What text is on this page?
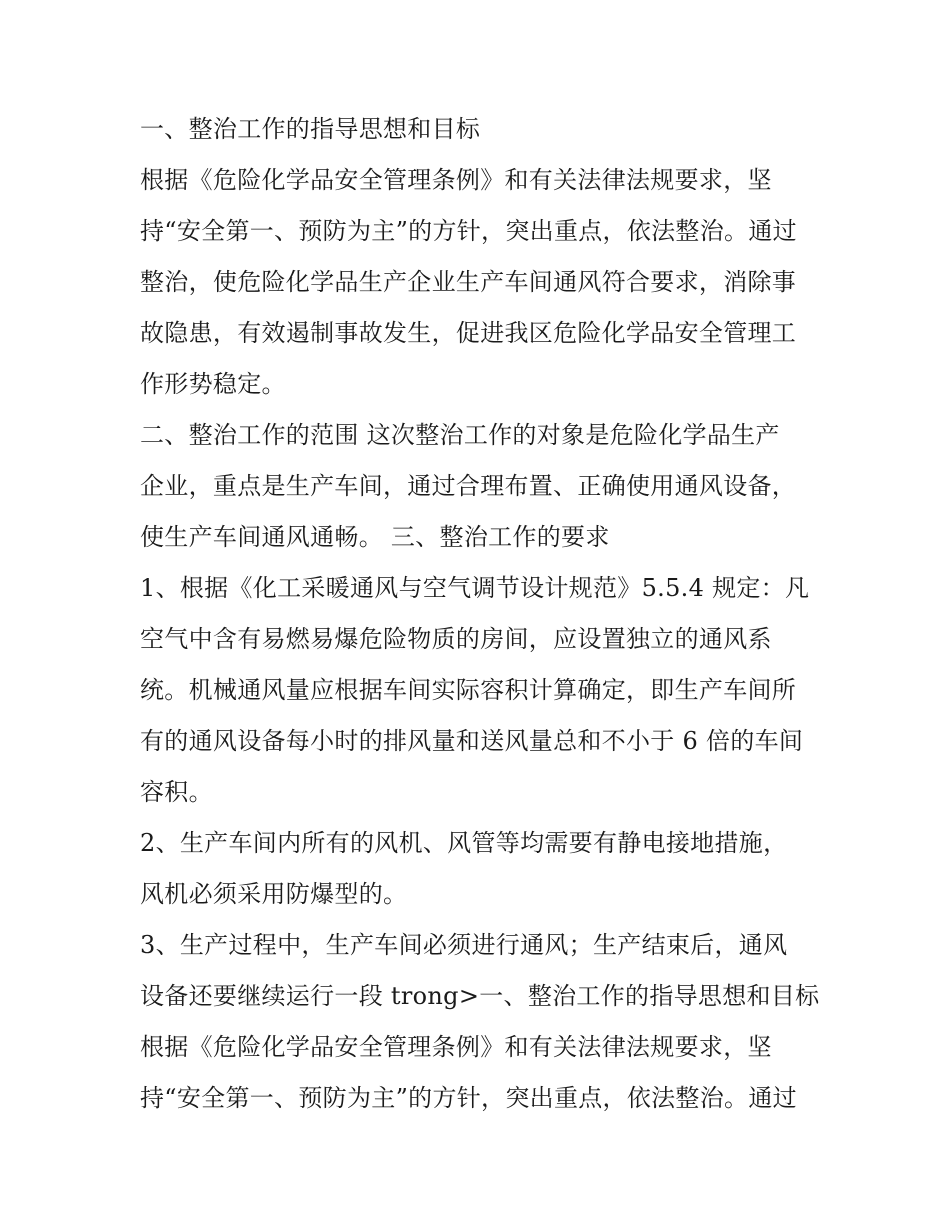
一、整治工作的指导思想和目标
根据《危险化学品安全管理条例》和有关法律法规要求，坚
持“安全第一、预防为主”的方针，突出重点，依法整治。通过
整治，使危险化学品生产企业生产车间通风符合要求，消除事
故隐患，有效遏制事故发生，促进我区危险化学品安全管理工
作形势稳定。
二、整治工作的范围 这次整治工作的对象是危险化学品生产
企业，重点是生产车间，通过合理布置、正确使用通风设备，
使生产车间通风通畅。 三、整治工作的要求
1、根据《化工采暖通风与空气调节设计规范》5.5.4 规定：凡
空气中含有易燃易爆危险物质的房间，应设置独立的通风系
统。机械通风量应根据车间实际容积计算确定，即生产车间所
有的通风设备每小时的排风量和送风量总和不小于 6 倍的车间
容积。
2、生产车间内所有的风机、风管等均需要有静电接地措施，
风机必须采用防爆型的。
3、生产过程中，生产车间必须进行通风；生产结束后，通风
设备还要继续运行一段 trong>一、整治工作的指导思想和目标
根据《危险化学品安全管理条例》和有关法律法规要求，坚
持“安全第一、预防为主”的方针，突出重点，依法整治。通过
